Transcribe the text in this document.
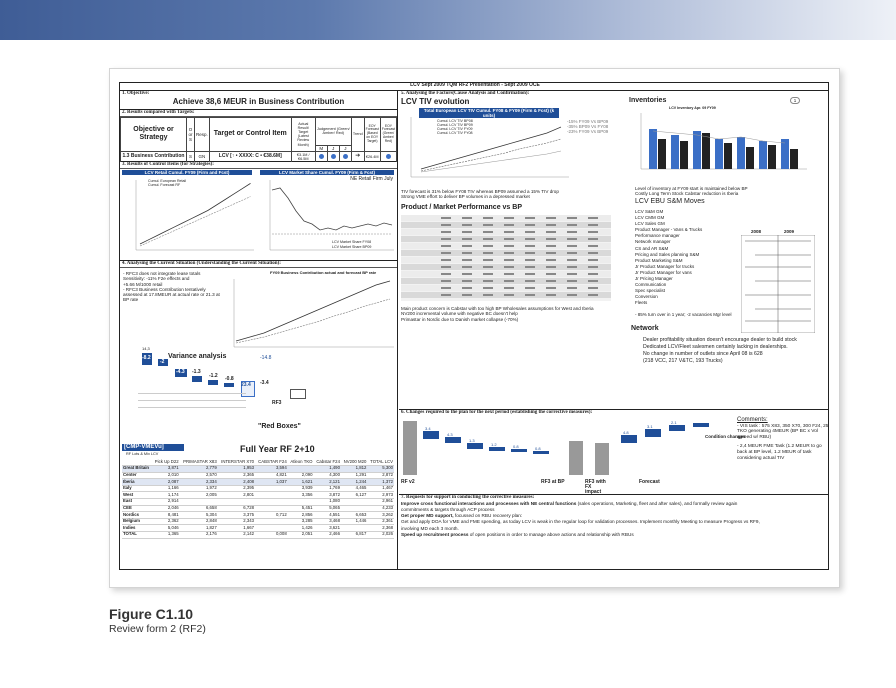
LCV Sept 2009 TQM RF2 Presentation - Sept 2009 OCE
1. Objective:
Achieve 38,6 MEUR in Business Contribution
2. Results compared with Targets:
Objective or Strategy	O or S	Resp.	Target or Control Item	Actual Result/ Target (Latest Review Month)	Judgement (Green/ Amber/ Red)			Trend	EOY Forecast (Based on EOY Target)	EOY Forecast (Green/ Amber/ Red)
					M	J	J			
1.3 Business Contribution	S	GN	LCV [↑ • XXXX: C • €38.6M]	€3.1M / €6.5M				➔	€26.4M	
3. Results of Control Items (for Strategies):
LCV Retail Cumul. FY09 (Firm and Fcst)	LCV Market Share Cumul. FY09 (Firm & Fcst)
NE Retail Firm July
Cumul. European Retail
Cumul. Forecast RF
LCV Market Share FY08
LCV Market Share BP09
4. Analysing the Current Situation (Understanding the Current Situation):
- RFC3 does not integrate lease totals
Sensitivity: -11% F2e effects and
+5.66 M/1000 retail
- RFC3 Business Contribution tentatively
assessed at 17.8MEUR at actual rate or 21.3 at
BP rate
FY09 Business Contribution actual and forecast BP rate
Variance analysis
-8.2
-2
-4.3 -1.3
-1.2 -0.8
23.4 -3.4
-14.8
14,3
RF3
"Red Boxes"
[CMP-VMEVu]	Full Year RF 2+10
RF Lots & Mix LCV
	Pick Up D22	PRIMASTAR X83	INTERSTAR X70	CABSTAR F24	Atleon TKO	Cabstar F24	NV200 M20	TOTAL LCV
Great Britain	3,871	2,779	1,953	3,594		1,490	1,812	5,300
Center	2,010	2,570	2,365	4,821	2,090	4,300	1,291	2,872
Iberia	2,087	2,334	2,408	1,037	1,621	2,121	1,244	1,372
Italy	1,166	1,972	2,395		3,939	1,769	4,465	1,467
West	1,174	2,005	2,801		3,356	3,872	6,127	2,973
East	2,914					1,080		2,961
CEE	2,046	6,658	6,728		5,451	5,065		4,233
Nordics	8,481	5,304	3,375	0,712	2,856	4,551	6,653	3,262
Belgium	2,362	2,848	2,343		3,285	3,468	1,446	2,361
Indies	5,046	1,827	1,667		1,426	3,621		2,368
TOTAL	1,365	2,176	2,142	0,008	2,051	2,466	6,817	2,026
5. Analysing the Factors(Cause Analysis and Confirmation):
LCV TIV evolution
Total European LCV TIV Cumul. FY08 & FY09 (Firm & Fcst) (k units)
Cumul. LCV TIV BP08
Cumul. LCV TIV BP09
Cumul. LCV TIV FY09
Cumul. LCV TIV FY08
-15% FY09 Vs BP09
-35% BP09 Vs FY08
-23% FY09 Vs BP09
TIV forecast is 31% below FY08 TIV whereas BP09 assumed a 15% TIV drop
Strong VME effort to deliver BP volumes in a depressed market
Product / Market Performance vs BP
Main product concern is Cabstar with too high BP Wholesales assumptions for West and Iberia
NV200 incremental volume with negative BC doesn't help
Primastar in Nordic due to Danish market collapse (-70%)
Inventories	1
LCV Inventory Apr. 09 FY09
Level of inventory at FY09 start is maintained below BP
Costly Long Term Stock Cabstar reduction is Iberia
LCV EBU S&M Moves
2008	2009
LCV S&M GM
LCV CMM GM
LCV Sales GM
Product Manager - Vans & Trucks
Performance manager
Network manager
CS and AR S&M
Pricing and Sales planning S&M
Product Marketing S&M
Jr Product Manager for trucks
Jr Product Manager for vans
Jr Pricing Manager
Communication
Spec specialist
Conversion
Fleets
- 85% turn over in 1 year; -2 vacancies Mgr level
Network
Dealer profitability situation doesn't encourage dealer to build stock
Dedicated LCV/Fleet salesmen certainly lacking in dealerships.
No change in number of outlets since April 08 is 628
(218 VCC, 217 V&TC, 193 Trucks)
6. Changes required to the plan for the next period (establishing the corrective measures):
3.4
4.3
1.3
1.2	0.8	0.8
4.8
3.1
2.1
Condition changes
RF v2	RF3 at BP	RF3 with FX impact
Forecast
Comments:
- VIS task : 575 X83, 350 X70, 300 F24, 25 TKO generating 4MEUR (BP BC x Vol agreed w/ RBU)
- 2,4 MEUR FME Task (1.2 MEUR to go back at BP level, 1.2 MEUR of task considering actual TIV
7. Requests for support in conducting the corrective measures:
Improve cross functional interactions and processes with NE central functions (sales operations, Marketing, fleet and after sales), and formally review again
commitments & targets through ACP process
Get proper MD support, focussed on RBU recovery plan:
Get and apply DOA for VME and FME spending, as today LCV is weak in the regular loop for validation processes. Implement monthly Meeting to measure Progress vs RF9,
involving MD each 3 month.
Speed up recruitment process of open positions in order to manage above actions and relationship with RBUs
Figure C1.10
Review form 2 (RF2)
